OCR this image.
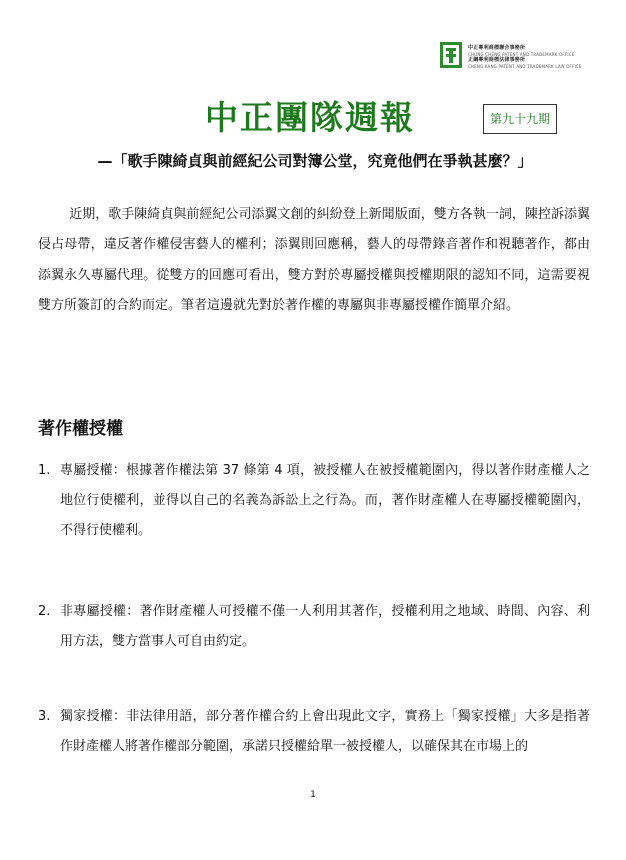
中正專利商標聯合事務所
CHUNG CHENG PATENT AND TRADEMARK OFFICE
正綱專利商標法律事務所
CHENG KANG PATENT AND TRADEMARK LAW OFFICE
中正團隊週報	第九十九期
—「歌手陳綺貞與前經紀公司對簿公堂，究竟他們在爭執甚麼？」

近期，歌手陳綺貞與前經紀公司添翼文創的糾紛登上新聞版面，雙方各執一詞，陳控訴添翼侵占母帶，違反著作權侵害藝人的權利；添翼則回應稱，藝人的母帶錄音著作和視聽著作，都由添翼永久專屬代理。從雙方的回應可看出，雙方對於專屬授權與授權期限的認知不同，這需要視雙方所簽訂的合約而定。筆者這邊就先對於著作權的專屬與非專屬授權作簡單介紹。

著作權授權
1. 專屬授權：根據著作權法第 37 條第 4 項，被授權人在被授權範圍內，得以著作財產權人之地位行使權利，並得以自己的名義為訴訟上之行為。而，著作財產權人在專屬授權範圍內，不得行使權利。
2. 非專屬授權：著作財產權人可授權不僅一人利用其著作，授權利用之地域、時間、內容、利用方法，雙方當事人可自由約定。
3. 獨家授權：非法律用語，部分著作權合約上會出現此文字，實務上「獨家授權」大多是指著作財產權人將著作權部分範圍，承諾只授權給單一被授權人，以確保其在市場上的
1
